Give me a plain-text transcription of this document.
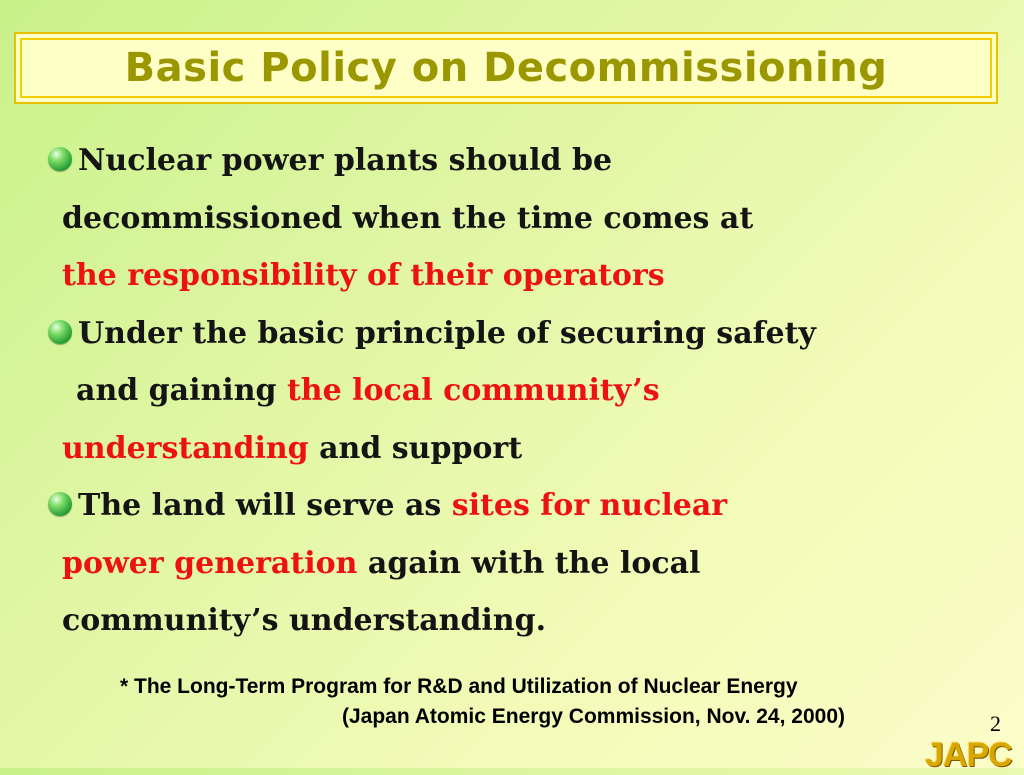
Basic Policy on Decommissioning
Nuclear power plants should be
decommissioned when the time comes at
the responsibility of their operators
Under the basic principle of securing safety
and gaining the local community’s
understanding and support
The land will serve as sites for nuclear
power generation again with the local
community’s understanding.
* The Long-Term Program for R&D and Utilization of Nuclear Energy
(Japan Atomic Energy Commission, Nov. 24, 2000)	2
JAPC
